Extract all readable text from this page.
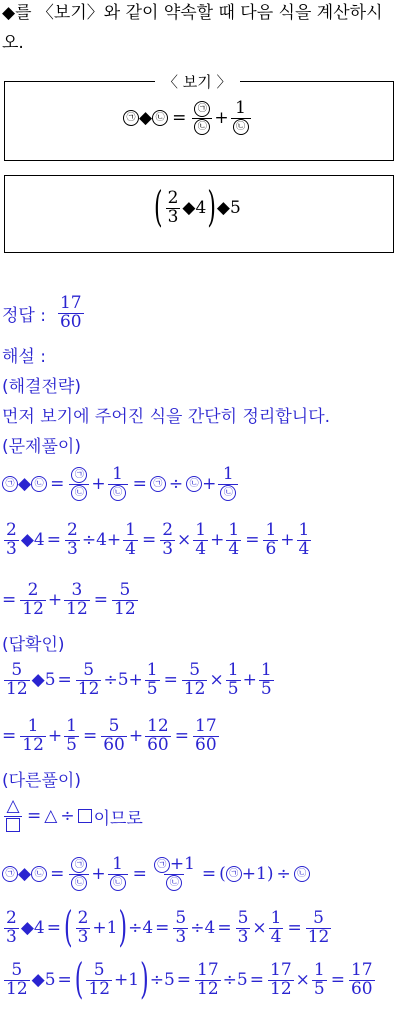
◆를 〈보기〉와 같이 약속할 때 다음 식을 계산하시
오.
〈 보기 〉
㉠ ◆ ㉡ = $\frac{㉠}{㉡} + \frac{1}{㉡}$
( $\frac{2}{3}$ ◆ 4 ) ◆ 5
정답 : $\frac{17}{60}$
해설 :
(해결전략)
먼저 보기에 주어진 식을 간단히 정리합니다.
(문제풀이)
㉠ ◆ ㉡ = $\frac{㉠}{㉡} + \frac{1}{㉡}$ = ㉠ ÷ ㉡ + $\frac{1}{㉡}$
$\frac{2}{3}$ ◆ $4 = \frac{2}{3} \div 4 + \frac{1}{4} = \frac{2}{3} \times \frac{1}{4} + \frac{1}{4} = \frac{1}{6} + \frac{1}{4}$
= $\frac{2}{12} + \frac{3}{12} = \frac{5}{12}$
(답확인)
$\frac{5}{12}$ ◆ $5 = \frac{5}{12} \div 5 + \frac{1}{5} = \frac{5}{12} \times \frac{1}{5} + \frac{1}{5}$
= $\frac{1}{12} + \frac{1}{5} = \frac{5}{60} + \frac{12}{60} = \frac{17}{60}$
(다른풀이)
△
= △ ÷ 이므로
㉠ ◆ ㉡ = $\frac{㉠}{㉡} + \frac{1}{㉡} = \frac{㉠ +1}{㉡}$ = ( ㉠ + 1 ) ÷ ㉡
$\frac{2}{3}$ ◆ 4 = ( $\frac{2}{3} + 1$ ) ÷ $4 = \frac{5}{3} \div 4 = \frac{5}{3} \times \frac{1}{4} = \frac{5}{12}$
$\frac{5}{12}$ ◆ 5 = ( $\frac{5}{12} + 1$ ) ÷ $5 = \frac{17}{12} \div 5 = \frac{17}{12} \times \frac{1}{5} = \frac{17}{60}$
